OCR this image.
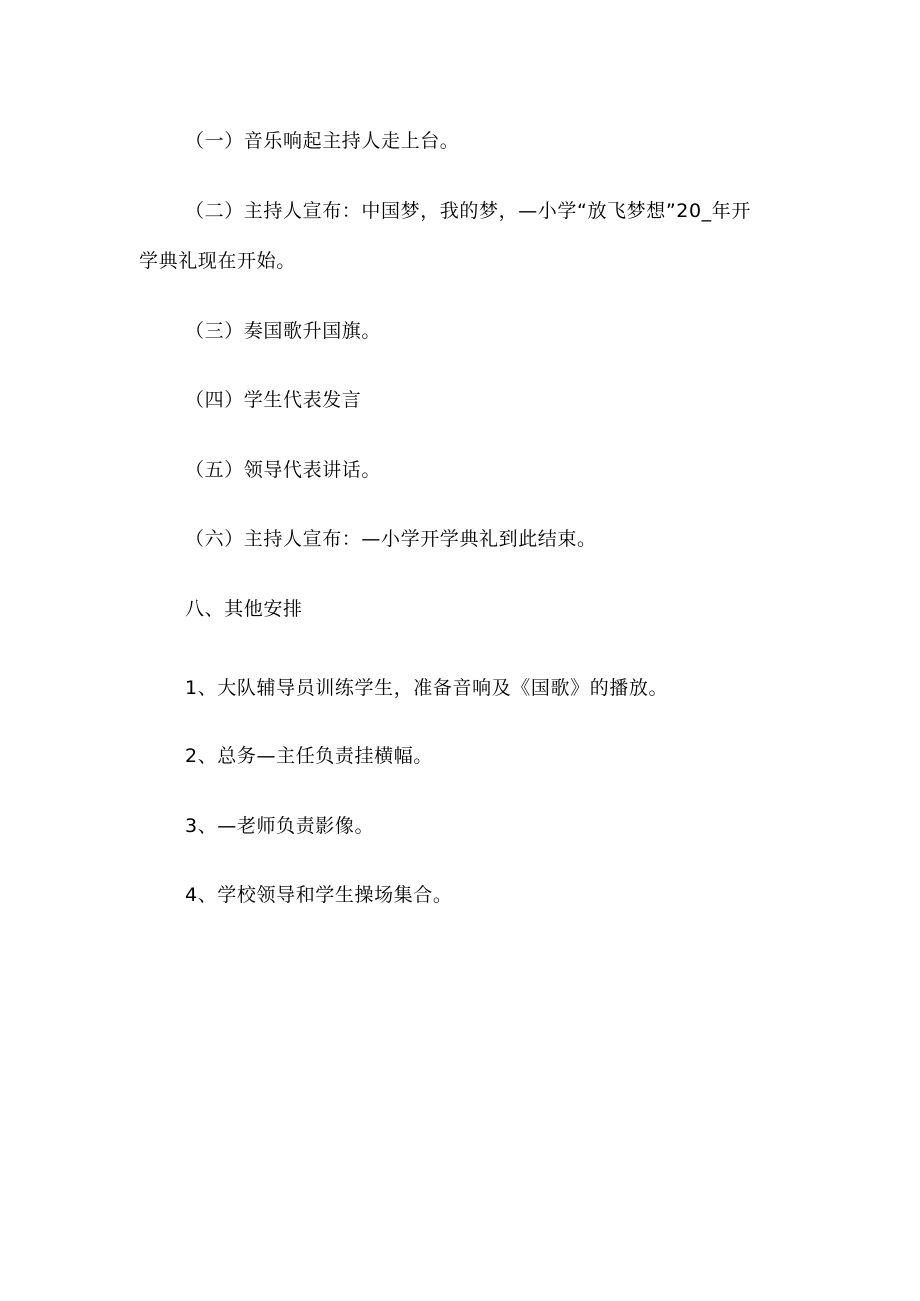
（一）音乐响起主持人走上台。

（二）主持人宣布：中国梦，我的梦，—小学“放飞梦想”20_年开

学典礼现在开始。

（三）奏国歌升国旗。

（四）学生代表发言

（五）领导代表讲话。

（六）主持人宣布：—小学开学典礼到此结束。

八、其他安排

1、大队辅导员训练学生，准备音响及《国歌》的播放。

2、总务—主任负责挂横幅。

3、—老师负责影像。

4、学校领导和学生操场集合。
